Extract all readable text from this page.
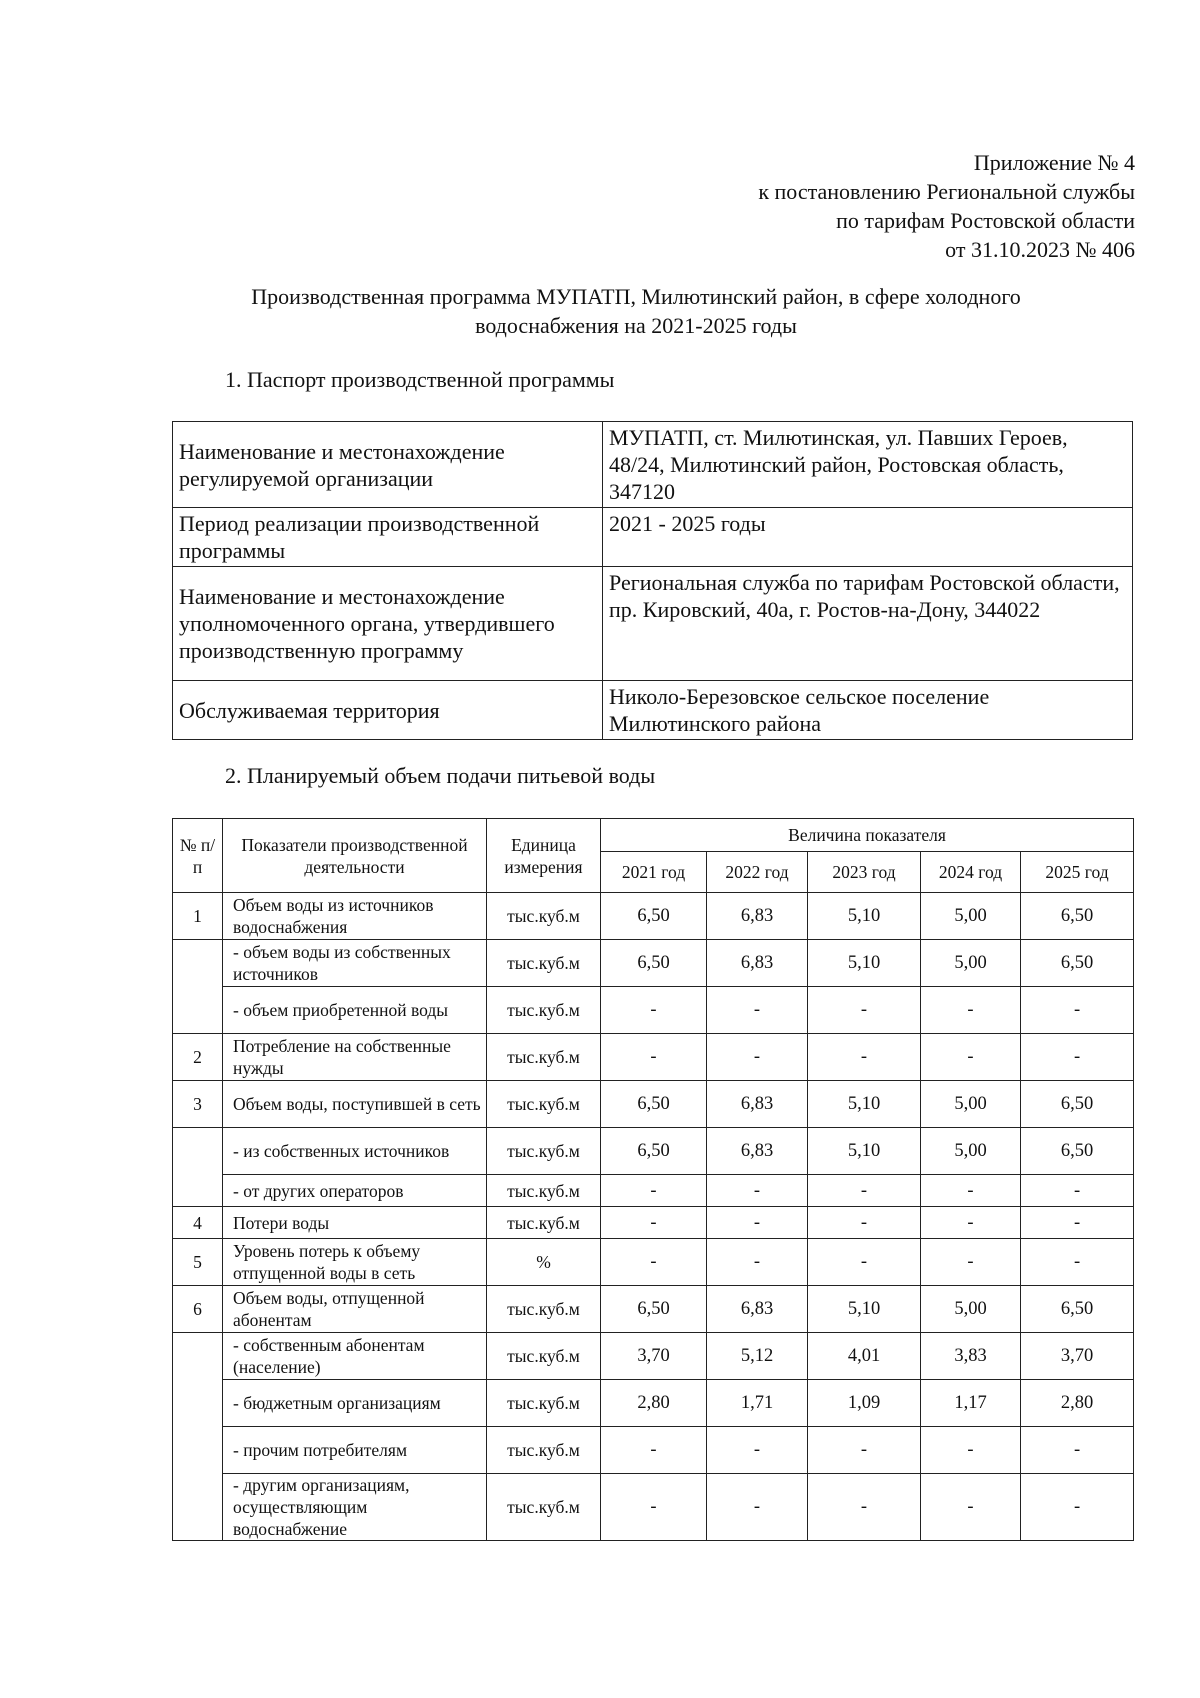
Приложение № 4
к постановлению Региональной службы
по тарифам Ростовской области
от 31.10.2023 № 406
Производственная программа МУПАТП, Милютинский район, в сфере холодного
водоснабжения на 2021-2025 годы
1. Паспорт производственной программы
Наименование и местонахождение регулируемой организации	МУПАТП, ст. Милютинская, ул. Павших Героев, 48/24, Милютинский район, Ростовская область, 347120
Период реализации производственной программы	2021 - 2025 годы
Наименование и местонахождение уполномоченного органа, утвердившего производственную программу	Региональная служба по тарифам Ростовской области, пр. Кировский, 40а, г. Ростов-на-Дону, 344022
Обслуживаемая территория	Николо-Березовское сельское поселение Милютинского района
2. Планируемый объем подачи питьевой воды
№ п/п	Показатели производственной деятельности	Единица измерения	Величина показателя				
			2021 год	2022 год	2023 год	2024 год	2025 год
1	Объем воды из источников водоснабжения	тыс.куб.м	6,50	6,83	5,10	5,00	6,50
	- объем воды из собственных источников	тыс.куб.м	6,50	6,83	5,10	5,00	6,50
	- объем приобретенной воды	тыс.куб.м	-	-	-	-	-
2	Потребление на собственные нужды	тыс.куб.м	-	-	-	-	-
3	Объем воды, поступившей в сеть	тыс.куб.м	6,50	6,83	5,10	5,00	6,50
	- из собственных источников	тыс.куб.м	6,50	6,83	5,10	5,00	6,50
	- от других операторов	тыс.куб.м	-	-	-	-	-
4	Потери воды	тыс.куб.м	-	-	-	-	-
5	Уровень потерь к объему отпущенной воды в сеть	%	-	-	-	-	-
6	Объем воды, отпущенной абонентам	тыс.куб.м	6,50	6,83	5,10	5,00	6,50
	- собственным абонентам (население)	тыс.куб.м	3,70	5,12	4,01	3,83	3,70
	- бюджетным организациям	тыс.куб.м	2,80	1,71	1,09	1,17	2,80
	- прочим потребителям	тыс.куб.м	-	-	-	-	-
	- другим организациям, осуществляющим водоснабжение	тыс.куб.м	-	-	-	-	-
